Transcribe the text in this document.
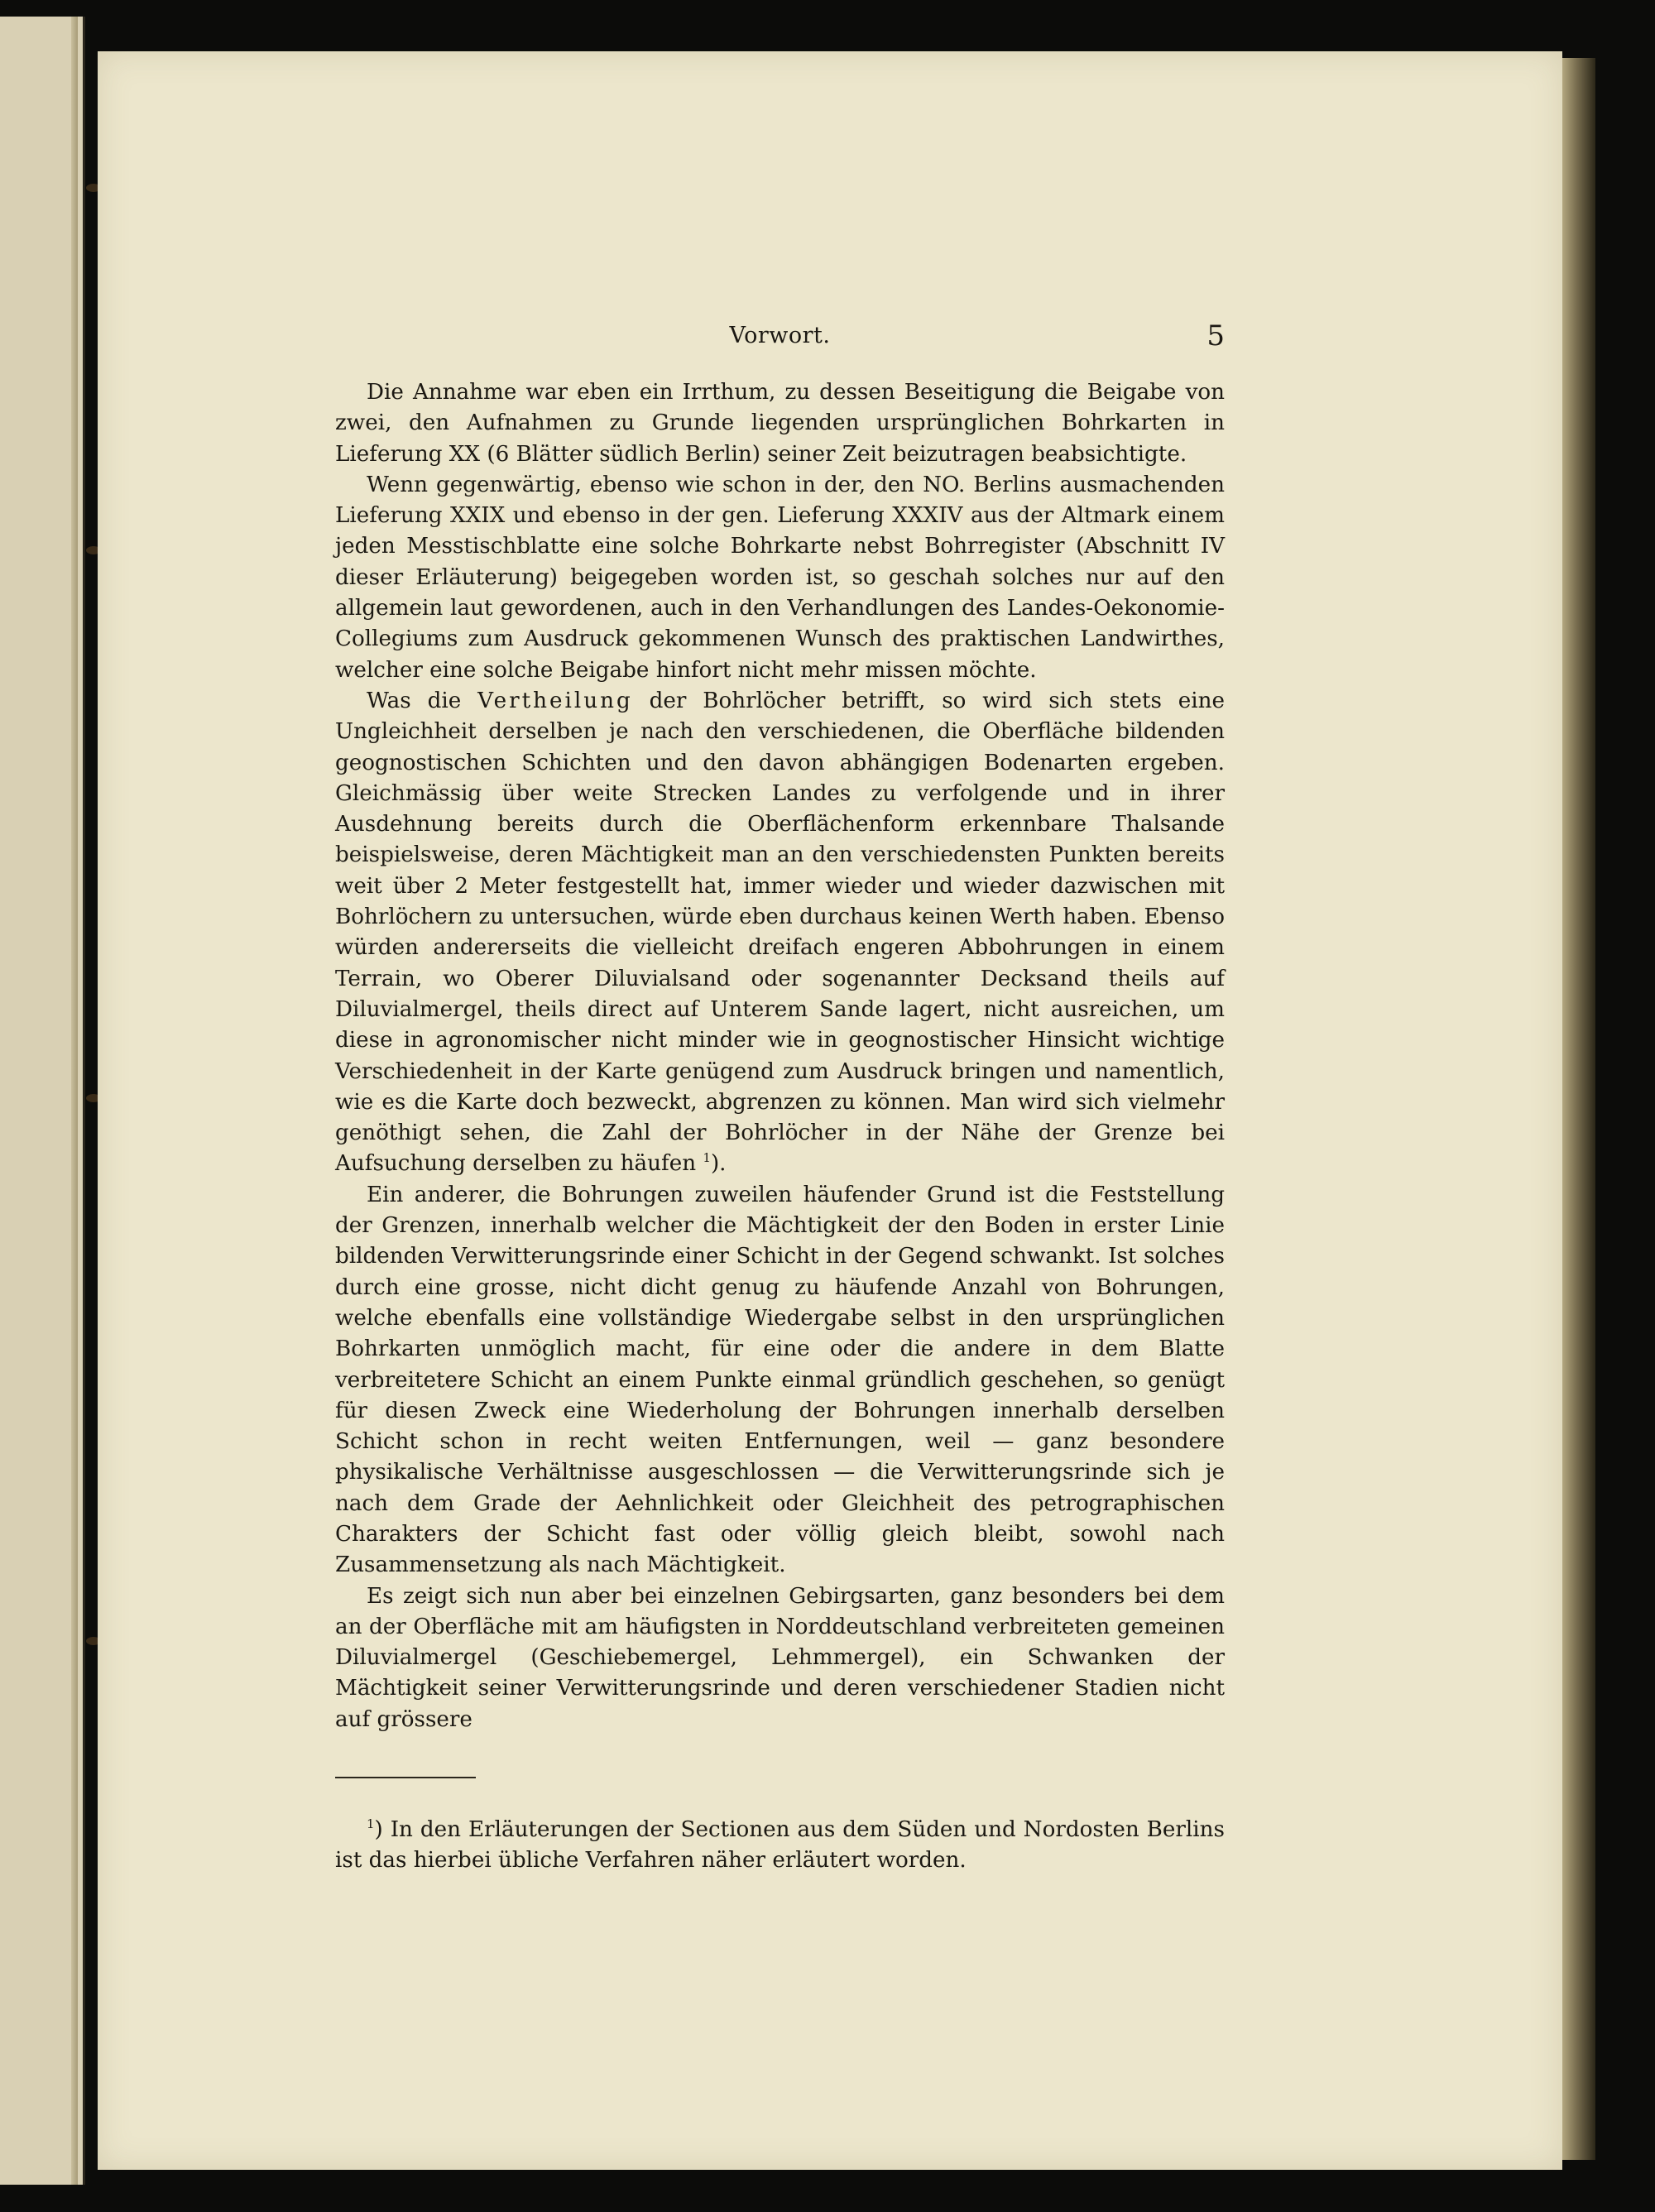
Vorwort.	5

Die Annahme war eben ein Irrthum, zu dessen Beseitigung die Beigabe von zwei, den Aufnahmen zu Grunde liegenden ursprünglichen Bohrkarten in Lieferung XX (6 Blätter südlich Berlin) seiner Zeit beizutragen beabsichtigte.

Wenn gegenwärtig, ebenso wie schon in der, den NO. Berlins ausmachenden Lieferung XXIX und ebenso in der gen. Lieferung XXXIV aus der Altmark einem jeden Messtischblatte eine solche Bohrkarte nebst Bohrregister (Abschnitt IV dieser Erläuterung) beigegeben worden ist, so geschah solches nur auf den allgemein laut gewordenen, auch in den Verhandlungen des Landes-Oekonomie-Collegiums zum Ausdruck gekommenen Wunsch des praktischen Landwirthes, welcher eine solche Beigabe hinfort nicht mehr missen möchte.

Was die Vertheilung der Bohrlöcher betrifft, so wird sich stets eine Ungleichheit derselben je nach den verschiedenen, die Oberfläche bildenden geognostischen Schichten und den davon abhängigen Bodenarten ergeben. Gleichmässig über weite Strecken Landes zu verfolgende und in ihrer Ausdehnung bereits durch die Oberflächenform erkennbare Thalsande beispielsweise, deren Mächtigkeit man an den verschiedensten Punkten bereits weit über 2 Meter festgestellt hat, immer wieder und wieder dazwischen mit Bohrlöchern zu untersuchen, würde eben durchaus keinen Werth haben. Ebenso würden andererseits die vielleicht dreifach engeren Abbohrungen in einem Terrain, wo Oberer Diluvialsand oder sogenannter Decksand theils auf Diluvialmergel, theils direct auf Unterem Sande lagert, nicht ausreichen, um diese in agronomischer nicht minder wie in geognostischer Hinsicht wichtige Verschiedenheit in der Karte genügend zum Ausdruck bringen und namentlich, wie es die Karte doch bezweckt, abgrenzen zu können. Man wird sich vielmehr genöthigt sehen, die Zahl der Bohrlöcher in der Nähe der Grenze bei Aufsuchung derselben zu häufen $^1$).

Ein anderer, die Bohrungen zuweilen häufender Grund ist die Feststellung der Grenzen, innerhalb welcher die Mächtigkeit der den Boden in erster Linie bildenden Verwitterungsrinde einer Schicht in der Gegend schwankt. Ist solches durch eine grosse, nicht dicht genug zu häufende Anzahl von Bohrungen, welche ebenfalls eine vollständige Wiedergabe selbst in den ursprünglichen Bohrkarten unmöglich macht, für eine oder die andere in dem Blatte verbreitetere Schicht an einem Punkte einmal gründlich geschehen, so genügt für diesen Zweck eine Wiederholung der Bohrungen innerhalb derselben Schicht schon in recht weiten Entfernungen, weil — ganz besondere physikalische Verhältnisse ausgeschlossen — die Verwitterungsrinde sich je nach dem Grade der Aehnlichkeit oder Gleichheit des petrographischen Charakters der Schicht fast oder völlig gleich bleibt, sowohl nach Zusammensetzung als nach Mächtigkeit.

Es zeigt sich nun aber bei einzelnen Gebirgsarten, ganz besonders bei dem an der Oberfläche mit am häufigsten in Norddeutschland verbreiteten gemeinen Diluvialmergel (Geschiebemergel, Lehmmergel), ein Schwanken der Mächtigkeit seiner Verwitterungsrinde und deren verschiedener Stadien nicht auf grössere

$^1$) In den Erläuterungen der Sectionen aus dem Süden und Nordosten Berlins ist das hierbei übliche Verfahren näher erläutert worden.
